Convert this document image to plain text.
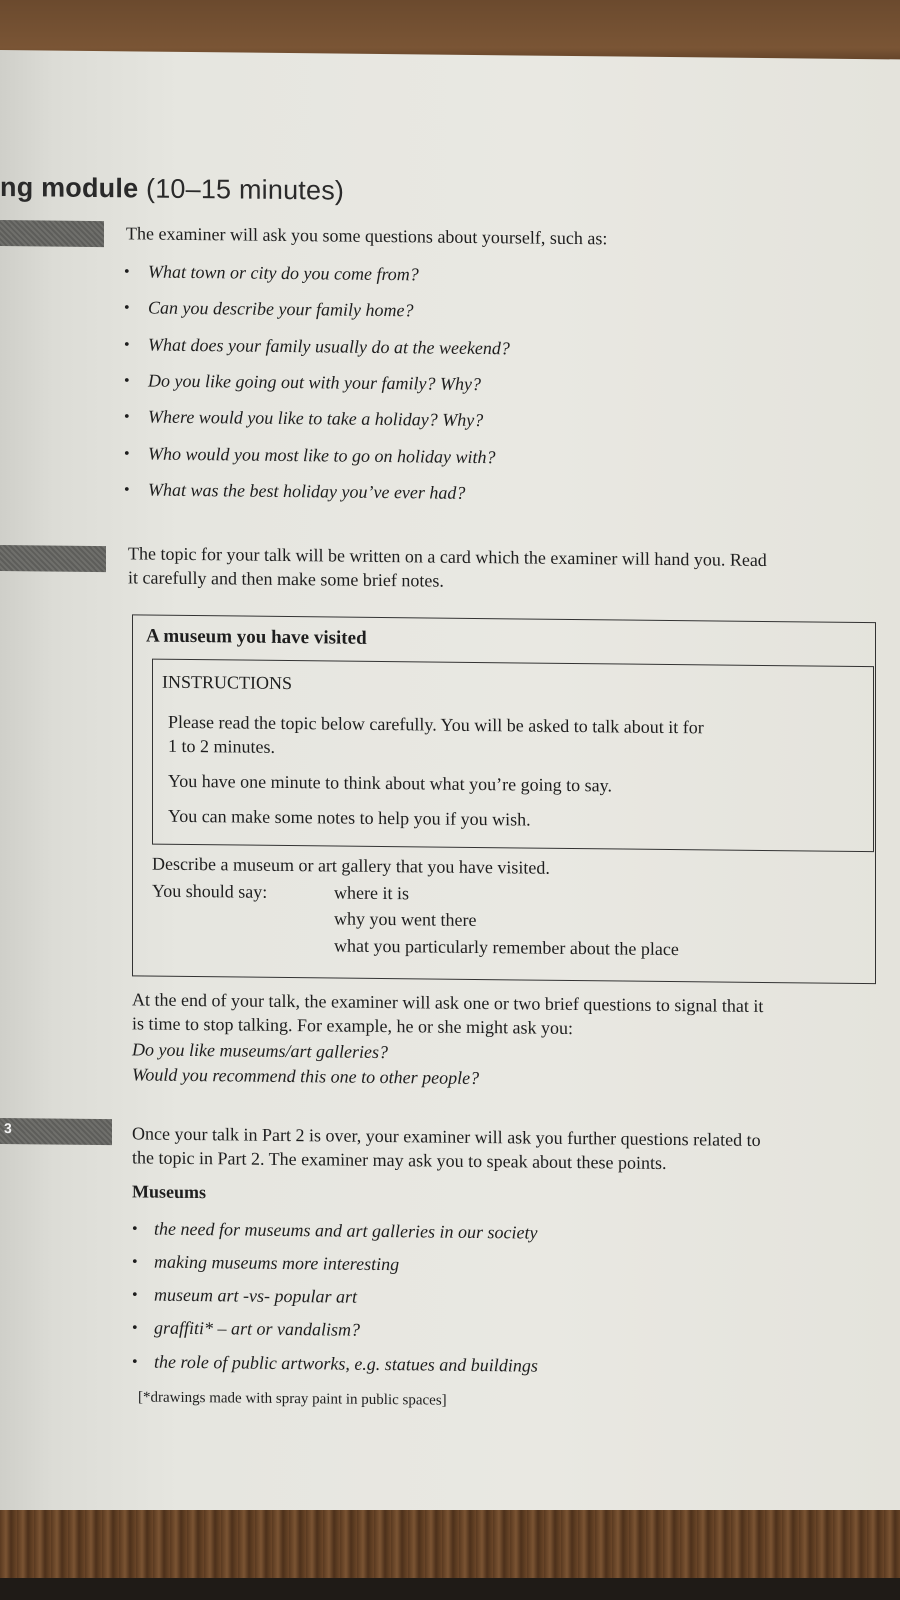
ng module (10–15 minutes)
The examiner will ask you some questions about yourself, such as:
• What town or city do you come from?
• Can you describe your family home?
• What does your family usually do at the weekend?
• Do you like going out with your family? Why?
• Where would you like to take a holiday? Why?
• Who would you most like to go on holiday with?
• What was the best holiday you’ve ever had?
The topic for your talk will be written on a card which the examiner will hand you. Read
it carefully and then make some brief notes.
A museum you have visited
INSTRUCTIONS
Please read the topic below carefully. You will be asked to talk about it for
1 to 2 minutes.
You have one minute to think about what you’re going to say.
You can make some notes to help you if you wish.
Describe a museum or art gallery that you have visited.
You should say:	where it is
why you went there
what you particularly remember about the place
At the end of your talk, the examiner will ask one or two brief questions to signal that it
is time to stop talking. For example, he or she might ask you:
Do you like museums/art galleries?
Would you recommend this one to other people?
3	Once your talk in Part 2 is over, your examiner will ask you further questions related to
the topic in Part 2. The examiner may ask you to speak about these points.
Museums
• the need for museums and art galleries in our society
• making museums more interesting
• museum art -vs- popular art
• graffiti* – art or vandalism?
• the role of public artworks, e.g. statues and buildings
[*drawings made with spray paint in public spaces]
